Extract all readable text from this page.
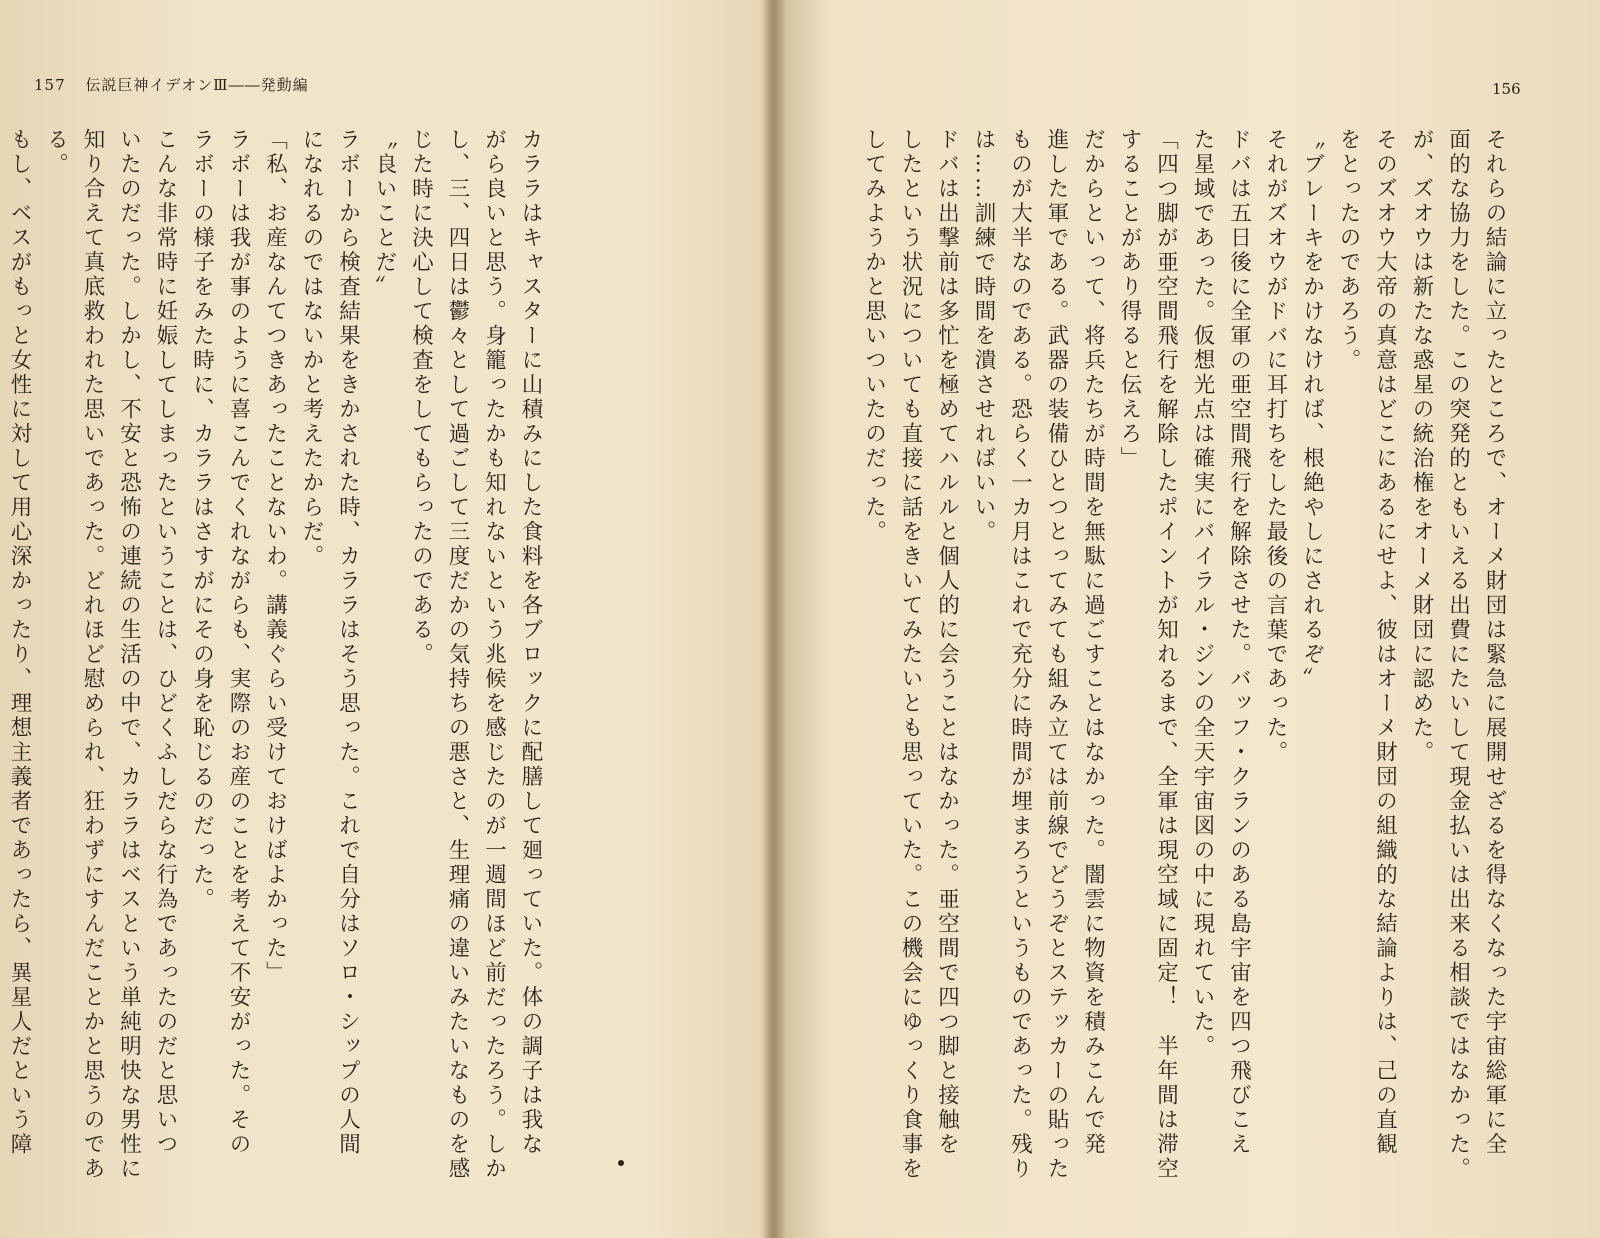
157 伝説巨神イデオンⅢ――発動編
カララはキャスターに山積みにした食料を各ブロックに配膳して廻っていた。体の調子は我な
がら良いと思う。身籠ったかも知れないという兆候を感じたのが一週間ほど前だったろう。しか
し、三、四日は鬱々として過ごして三度だかの気持ちの悪さと、生理痛の違いみたいなものを感
じた時に決心して検査をしてもらったのである。
〝良いことだ〟
ラボーから検査結果をきかされた時、カララはそう思った。これで自分はソロ・シップの人間
になれるのではないかと考えたからだ。
「私、お産なんてつきあったことないわ。講義ぐらい受けておけばよかった」
ラボーは我が事のように喜こんでくれながらも、実際のお産のことを考えて不安がった。その
ラボーの様子をみた時に、カララはさすがにその身を恥じるのだった。
こんな非常時に妊娠してしまったということは、ひどくふしだらな行為であったのだと思いつ
いたのだった。しかし、不安と恐怖の連続の生活の中で、カララはベスという単純明快な男性に
知り合えて真底救われた思いであった。どれほど慰められ、狂わずにすんだことかと思うのであ
る。
もし、ベスがもっと女性に対して用心深かったり、理想主義者であったら、異星人だという障
156
それらの結論に立ったところで、オーメ財団は緊急に展開せざるを得なくなった宇宙総軍に全
面的な協力をした。この突発的ともいえる出費にたいして現金払いは出来る相談ではなかった。
が、ズオウは新たな惑星の統治権をオーメ財団に認めた。
そのズオウ大帝の真意はどこにあるにせよ、彼はオーメ財団の組織的な結論よりは、己の直観
をとったのであろう。
〝ブレーキをかけなければ、根絶やしにされるぞ〟
それがズオウがドバに耳打ちをした最後の言葉であった。
ドバは五日後に全軍の亜空間飛行を解除させた。バッフ・クランのある島宇宙を四つ飛びこえ
た星域であった。仮想光点は確実にバイラル・ジンの全天宇宙図の中に現れていた。
「四つ脚が亜空間飛行を解除したポイントが知れるまで、全軍は現空域に固定！　半年間は滞空
することがあり得ると伝えろ」
だからといって、将兵たちが時間を無駄に過ごすことはなかった。闇雲に物資を積みこんで発
進した軍である。武器の装備ひとつとってみても組み立ては前線でどうぞとステッカーの貼った
ものが大半なのである。恐らく一カ月はこれで充分に時間が埋まろうというものであった。残り
は……訓練で時間を潰させればいい。
ドバは出撃前は多忙を極めてハルルと個人的に会うことはなかった。亜空間で四つ脚と接触を
したという状況についても直接に話をきいてみたいとも思っていた。この機会にゆっくり食事を
してみようかと思いついたのだった。
